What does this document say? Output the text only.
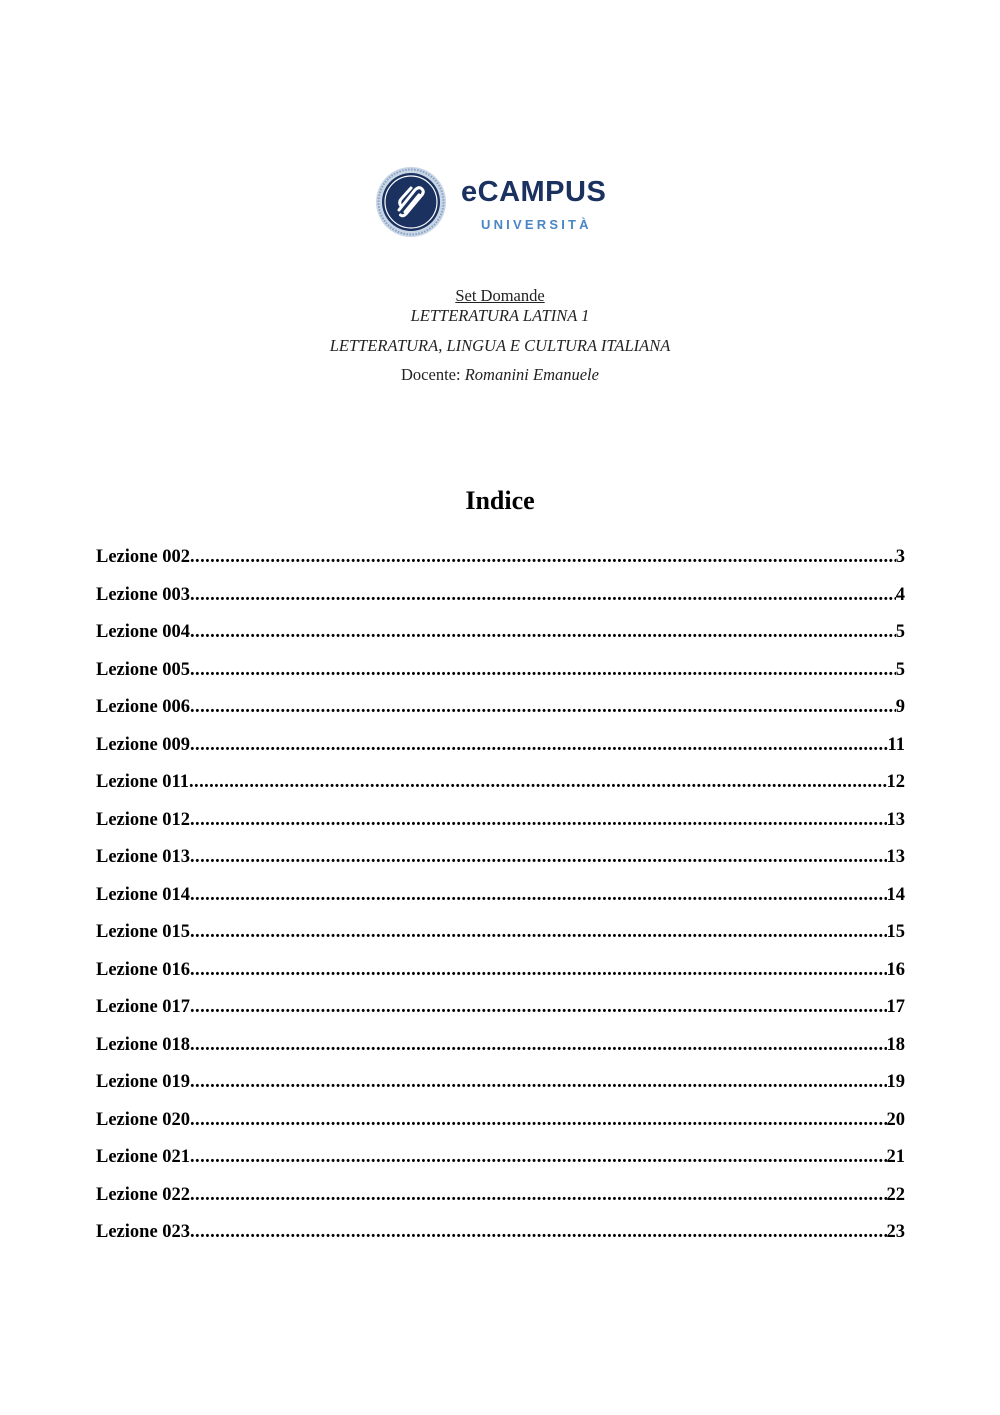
eCAMPUS
UNIVERSITÀ
Set Domande
LETTERATURA LATINA 1
LETTERATURA, LINGUA E CULTURA ITALIANA
Docente: Romanini Emanuele
Indice
Lezione 002 .....	3
Lezione 003 .....	4
Lezione 004 .....	5
Lezione 005 .....	5
Lezione 006 .....	9
Lezione 009 .....	11
Lezione 011 .....	12
Lezione 012 .....	13
Lezione 013 .....	13
Lezione 014 .....	14
Lezione 015 .....	15
Lezione 016 .....	16
Lezione 017 .....	17
Lezione 018 .....	18
Lezione 019 .....	19
Lezione 020 .....	20
Lezione 021 .....	21
Lezione 022 .....	22
Lezione 023 .....	23
